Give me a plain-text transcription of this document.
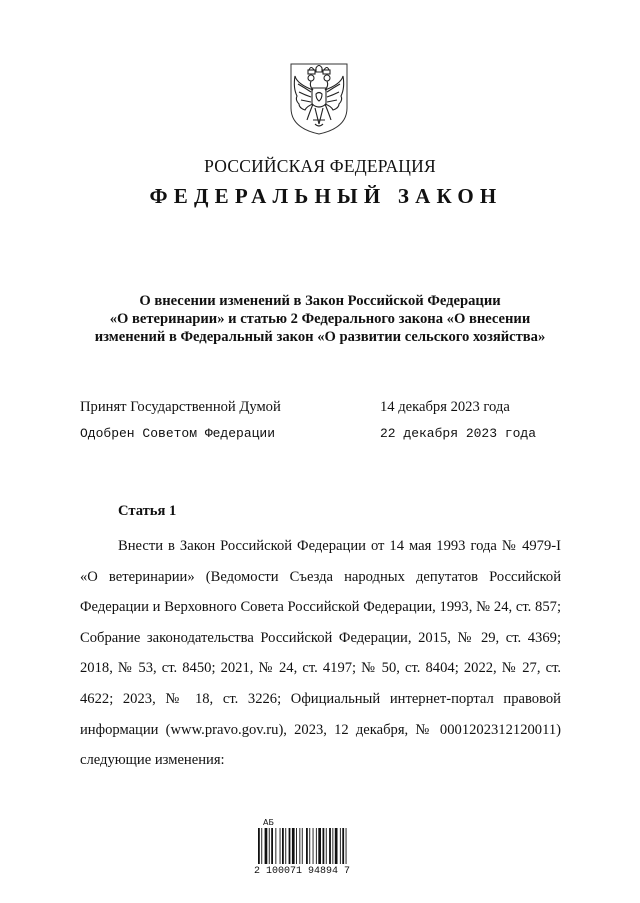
РОССИЙСКАЯ ФЕДЕРАЦИЯ
ФЕДЕРАЛЬНЫЙ ЗАКОН
О внесении изменений в Закон Российской Федерации
«О ветеринарии» и статью 2 Федерального закона «О внесении
изменений в Федеральный закон «О развитии сельского хозяйства»
Принят Государственной Думой	14 декабря 2023 года
Одобрен Советом Федерации	22 декабря 2023 года
Статья 1

Внести в Закон Российской Федерации от 14 мая 1993 года № 4979-I «О ветеринарии» (Ведомости Съезда народных депутатов Российской Федерации и Верховного Совета Российской Федерации, 1993, № 24, ст. 857; Собрание законодательства Российской Федерации, 2015, № 29, ст. 4369; 2018, № 53, ст. 8450; 2021, № 24, ст. 4197; № 50, ст. 8404; 2022, № 27, ст. 4622; 2023, № 18, ст. 3226; Официальный интернет-портал правовой информации (www.pravo.gov.ru), 2023, 12 декабря, № 0001202312120011) следующие изменения:

АБ
2 100071 94894 7
